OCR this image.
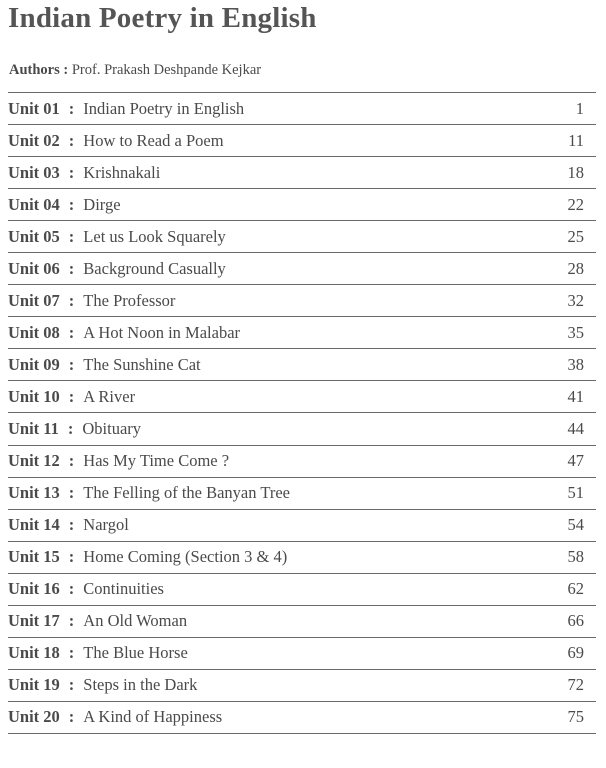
Indian Poetry in English
Authors : Prof. Prakash Deshpande Kejkar
Unit 01 : Indian Poetry in English	1
Unit 02 : How to Read a Poem	11
Unit 03 : Krishnakali	18
Unit 04 : Dirge	22
Unit 05 : Let us Look Squarely	25
Unit 06 : Background Casually	28
Unit 07 : The Professor	32
Unit 08 : A Hot Noon in Malabar	35
Unit 09 : The Sunshine Cat	38
Unit 10 : A River	41
Unit 11 : Obituary	44
Unit 12 : Has My Time Come ?	47
Unit 13 : The Felling of the Banyan Tree	51
Unit 14 : Nargol	54
Unit 15 : Home Coming (Section 3 & 4)	58
Unit 16 : Continuities	62
Unit 17 : An Old Woman	66
Unit 18 : The Blue Horse	69
Unit 19 : Steps in the Dark	72
Unit 20 : A Kind of Happiness	75
